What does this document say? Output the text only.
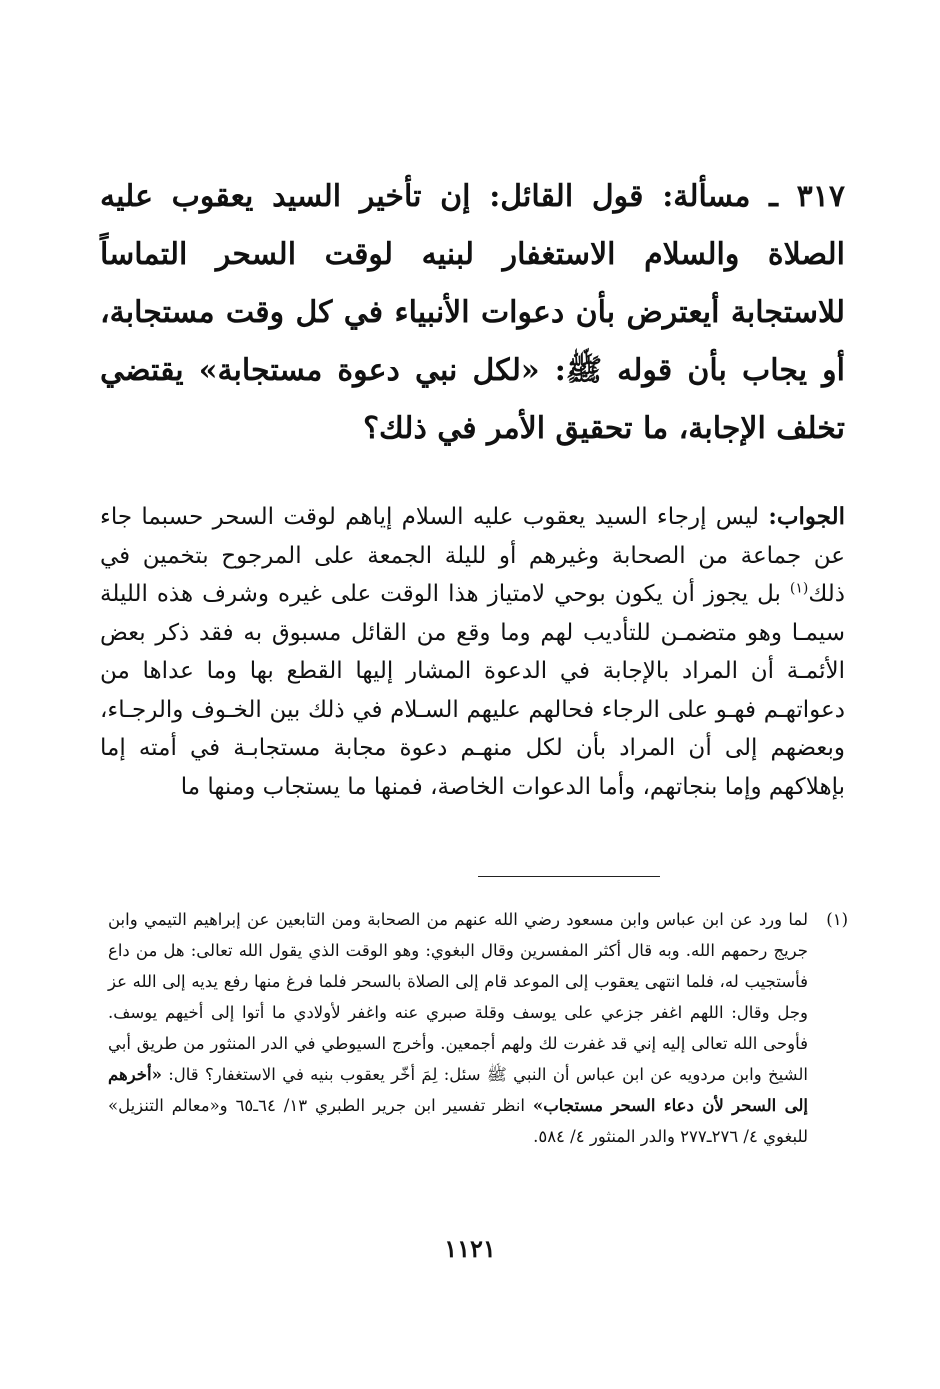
٣١٧ ـ مسألة: قول القائل: إن تأخير السيد يعقوب عليه الصلاة والسلام الاستغفار لبنيه لوقت السحر التماساً للاستجابة أيعترض بأن دعوات الأنبياء في كل وقت مستجابة، أو يجاب بأن قوله ﷺ: «لكل نبي دعوة مستجابة» يقتضي تخلف الإجابة، ما تحقيق الأمر في ذلك؟

الجواب: ليس إرجاء السيد يعقوب عليه السلام إياهم لوقت السحر حسبما جاء عن جماعة من الصحابة وغيرهم أو لليلة الجمعة على المرجوح بتخمين في ذلك$^{(١)}$ بل يجوز أن يكون بوحي لامتياز هذا الوقت على غيره وشرف هذه الليلة سيمـا وهو متضمـن للتأديب لهم وما وقع من القائل مسبوق به فقد ذكر بعض الأئمـة أن المراد بالإجابة في الدعوة المشار إليها القطع بها وما عداها من دعواتهـم فهـو على الرجاء فحالهم عليهم السـلام في ذلك بين الخـوف والرجـاء، وبعضهم إلى أن المراد بأن لكل منهـم دعوة مجابة مستجابـة في أمته إما بإهلاكهم وإما بنجاتهم، وأما الدعوات الخاصة، فمنها ما يستجاب ومنها ما

(١)
لما ورد عن ابن عباس وابن مسعود رضي الله عنهم من الصحابة ومن التابعين عن إبراهيم التيمي وابن جريج رحمهم الله. وبه قال أكثر المفسرين وقال البغوي: وهو الوقت الذي يقول الله تعالى: هل من داع فأستجيب له، فلما انتهى يعقوب إلى الموعد قام إلى الصلاة بالسحر فلما فرغ منها رفع يديه إلى الله عز وجل وقال: اللهم اغفر جزعي على يوسف وقلة صبري عنه واغفر لأولادي ما أتوا إلى أخيهم يوسف. فأوحى الله تعالى إليه إني قد غفرت لك ولهم أجمعين. وأخرج السيوطي في الدر المنثور من طريق أبي الشيخ وابن مردويه عن ابن عباس أن النبي ﷺ سئل: لِمَ أخّر يعقوب بنيه في الاستغفار؟ قال: «أخرهم إلى السحر لأن دعاء السحر مستجاب» انظر تفسير ابن جرير الطبري ١٣/ ٦٤ـ٦٥ و«معالم التنزيل» للبغوي ٤/ ٢٧٦ـ٢٧٧ والدر المنثور ٤/ ٥٨٤.
١١٢١
